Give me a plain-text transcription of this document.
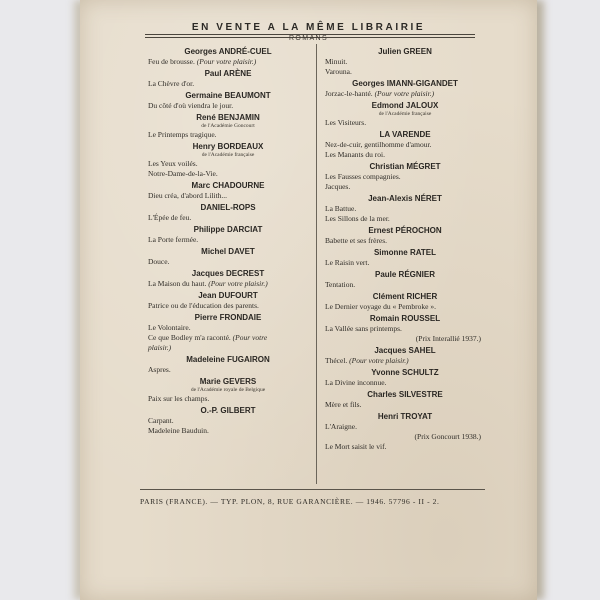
EN VENTE A LA MÊME LIBRAIRIE
ROMANS
Georges ANDRÉ-CUEL
Feu de brousse. (Pour votre plaisir.)
Paul ARÈNE
La Chèvre d'or.
Germaine BEAUMONT
Du côté d'où viendra le jour.
René BENJAMIN
de l'Académie Goncourt
Le Printemps tragique.
Henry BORDEAUX
de l'Académie française
Les Yeux voilés.
Notre-Dame-de-la-Vie.
Marc CHADOURNE
Dieu créa, d'abord Lilith...
DANIEL-ROPS
L'Épée de feu.
Philippe DARCIAT
La Porte fermée.
Michel DAVET
Douce.
Jacques DECREST
La Maison du haut. (Pour votre plaisir.)
Jean DUFOURT
Patrice ou de l'éducation des parents.
Pierre FRONDAIE
Le Volontaire.
Ce que Bodley m'a raconté. (Pour votre
plaisir.)
Madeleine FUGAIRON
Aspres.
Marie GEVERS
de l'Académie royale de Belgique
Paix sur les champs.
O.-P. GILBERT
Carpant.
Madeleine Bauduin.
Julien GREEN
Minuit.
Varouna.
Georges IMANN-GIGANDET
Jorzac-le-hanté. (Pour votre plaisir.)
Edmond JALOUX
de l'Académie française
Les Visiteurs.
LA VARENDE
Nez-de-cuir, gentilhomme d'amour.
Les Manants du roi.
Christian MÉGRET
Les Fausses compagnies.
Jacques.
Jean-Alexis NÉRET
La Battue.
Les Sillons de la mer.
Ernest PÉROCHON
Babette et ses frères.
Simonne RATEL
Le Raisin vert.
Paule RÉGNIER
Tentation.
Clément RICHER
Le Dernier voyage du « Pembroke ».
Romain ROUSSEL
La Vallée sans printemps.
(Prix Interallié 1937.)
Jacques SAHEL
Thécel. (Pour votre plaisir.)
Yvonne SCHULTZ
La Divine inconnue.
Charles SILVESTRE
Mère et fils.
Henri TROYAT
L'Araigne.
(Prix Goncourt 1938.)
Le Mort saisit le vif.
PARIS (FRANCE). — TYP. PLON, 8, RUE GARANCIÈRE. — 1946. 57796 - II - 2.
